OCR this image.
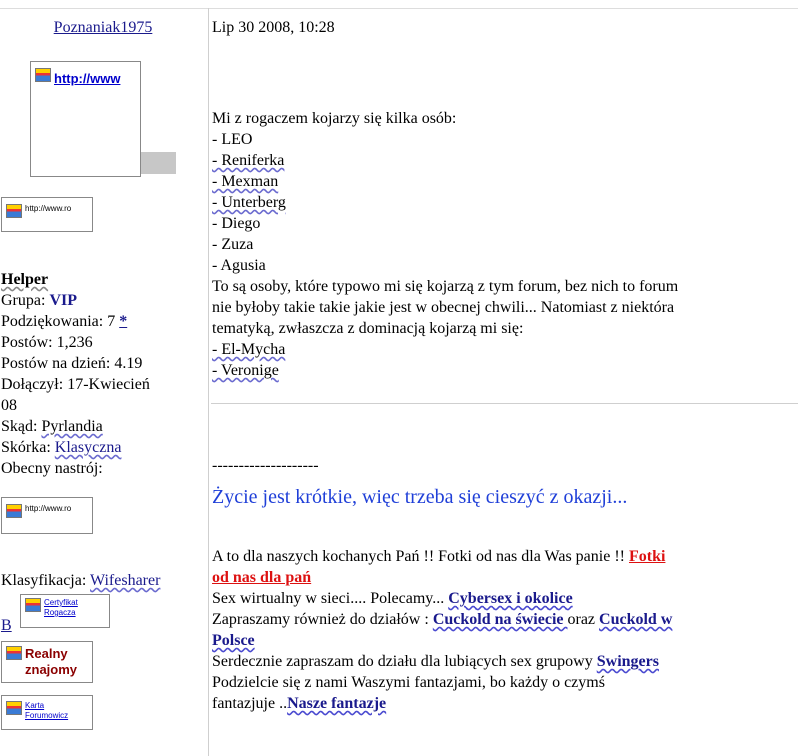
Poznaniak1975
http://www
http://www.ro
Helper
Grupa: VIP
Podziękowania: 7 *
Postów: 1,236
Postów na dzień: 4.19
Dołączył: 17-Kwiecień
08
Skąd: Pyrlandia
Skórka: Klasyczna
Obecny nastrój:
http://www.ro
Klasyfikacja: Wifesharer
Certyfikat Rogacza
B
Realny znajomy
Karta Forumowicz
Lip 30 2008, 10:28
Mi z rogaczem kojarzy się kilka osób:
- LEO
- Reniferka
- Mexman
- Unterberg
- Diego
- Zuza
- Agusia
To są osoby, które typowo mi się kojarzą z tym forum, bez nich to forum
nie byłoby takie takie jakie jest w obecnej chwili... Natomiast z niektóra
tematyką, zwłaszcza z dominacją kojarzą mi się:
- El-Mycha
- Veronige
--------------------
Życie jest krótkie, więc trzeba się cieszyć z okazji...
A to dla naszych kochanych Pań !! Fotki od nas dla Was panie !! Fotki
od nas dla pań
Sex wirtualny w sieci.... Polecamy... Cybersex i okolice
Zapraszamy również do działów : Cuckold na świecie oraz Cuckold w
Polsce
Serdecznie zapraszam do działu dla lubiących sex grupowy Swingers
Podzielcie się z nami Waszymi fantazjami, bo każdy o czymś
fantazjuje ..Nasze fantazje
